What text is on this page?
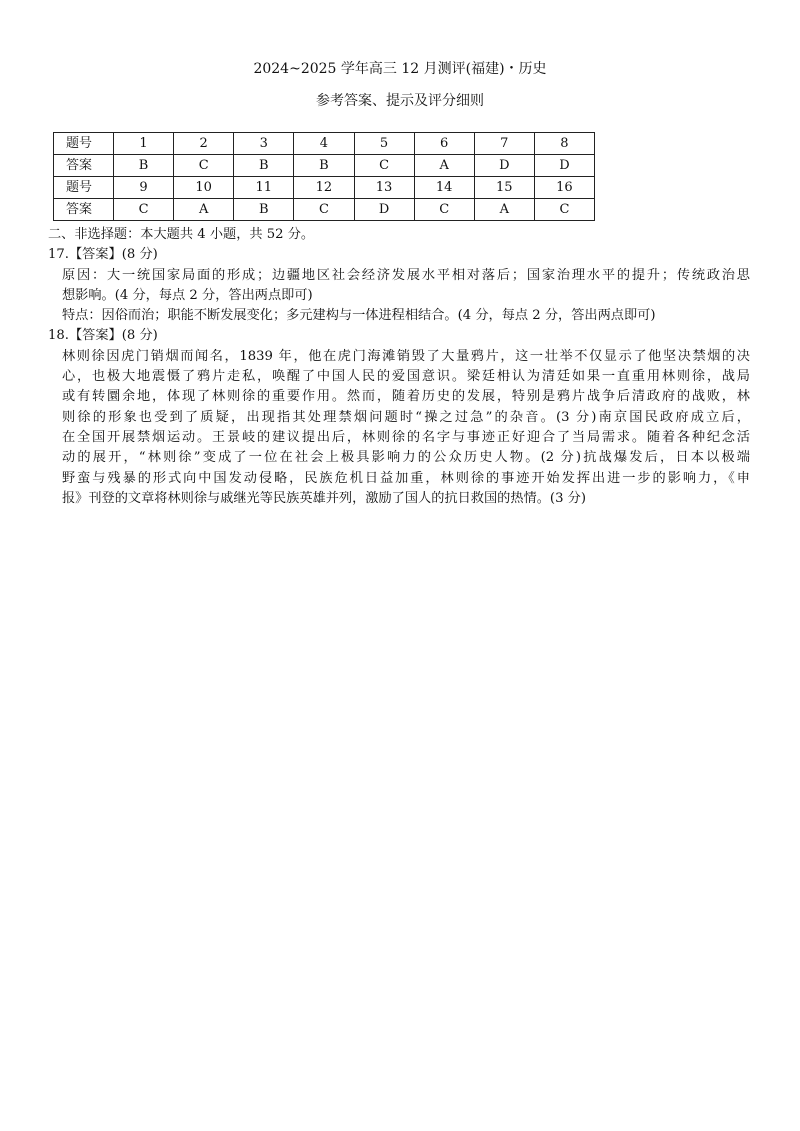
2024~2025 学年高三 12 月测评(福建)・历史
参考答案、提示及评分细则
题号	1	2	3	4	5	6	7	8
答案	B	C	B	B	C	A	D	D
题号	9	10	11	12	13	14	15	16
答案	C	A	B	C	D	C	A	C
二、非选择题：本大题共 4 小题，共 52 分。
17.【答案】(8 分)
原因：大一统国家局面的形成；边疆地区社会经济发展水平相对落后；国家治理水平的提升；传统政治思
想影响。(4 分，每点 2 分，答出两点即可)
特点：因俗而治；职能不断发展变化；多元建构与一体进程相结合。(4 分，每点 2 分，答出两点即可)
18.【答案】(8 分)
林则徐因虎门销烟而闻名，1839 年，他在虎门海滩销毁了大量鸦片，这一壮举不仅显示了他坚决禁烟的决
心，也极大地震慑了鸦片走私，唤醒了中国人民的爱国意识。梁廷枏认为清廷如果一直重用林则徐，战局
或有转圜余地，体现了林则徐的重要作用。然而，随着历史的发展，特别是鸦片战争后清政府的战败，林
则徐的形象也受到了质疑，出现指其处理禁烟问题时“操之过急”的杂音。(3 分)南京国民政府成立后，
在全国开展禁烟运动。王景岐的建议提出后，林则徐的名字与事迹正好迎合了当局需求。随着各种纪念活
动的展开，“林则徐”变成了一位在社会上极具影响力的公众历史人物。(2 分)抗战爆发后，日本以极端
野蛮与残暴的形式向中国发动侵略，民族危机日益加重，林则徐的事迹开始发挥出进一步的影响力，《申
报》刊登的文章将林则徐与戚继光等民族英雄并列，激励了国人的抗日救国的热情。(3 分)
